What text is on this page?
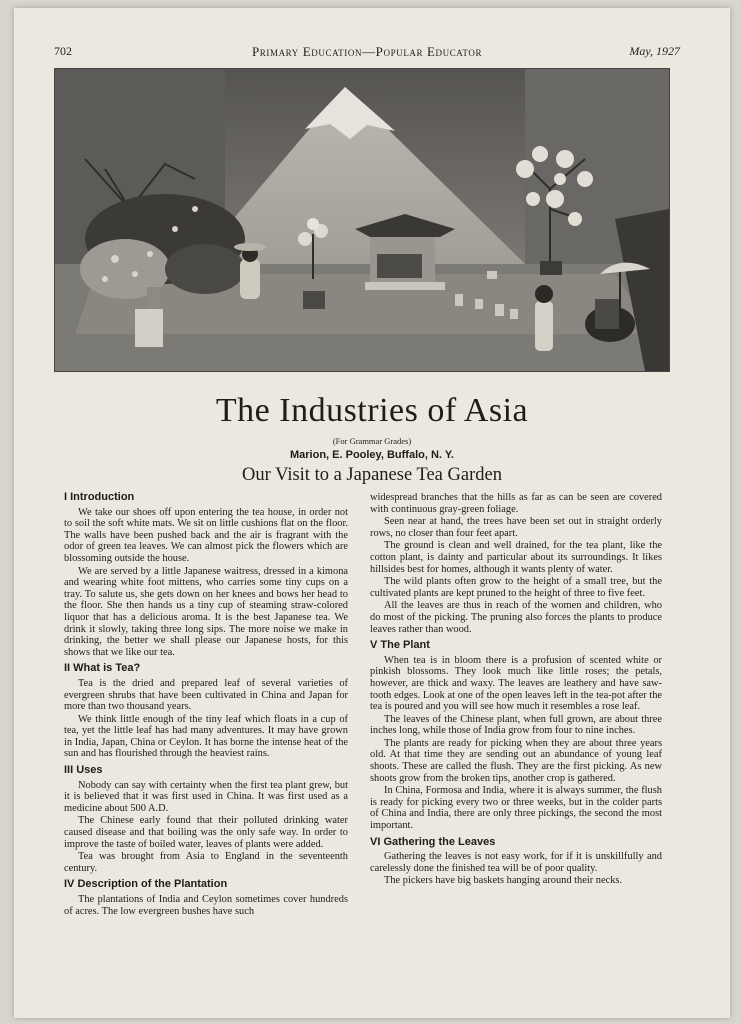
702	Primary Education—Popular Educator	May, 1927
The Industries of Asia
(For Grammar Grades)
Marion, E. Pooley, Buffalo, N. Y.
Our Visit to a Japanese Tea Garden
I Introduction

We take our shoes off upon entering the tea house, in order not to soil the soft white mats. We sit on little cushions flat on the floor. The walls have been pushed back and the air is fragrant with the odor of green tea leaves. We can almost pick the flowers which are blossoming outside the house.

We are served by a little Japanese waitress, dressed in a kimona and wearing white foot mittens, who carries some tiny cups on a tray. To salute us, she gets down on her knees and bows her head to the floor. She then hands us a tiny cup of steaming straw-colored liquor that has a delicious aroma. It is the best Japanese tea. We drink it slowly, taking three long sips. The more noise we make in drinking, the better we shall please our Japanese hosts, for this shows that we like our tea.

II What is Tea?

Tea is the dried and prepared leaf of several varieties of evergreen shrubs that have been cultivated in China and Japan for more than two thousand years.

We think little enough of the tiny leaf which floats in a cup of tea, yet the little leaf has had many adventures. It may have grown in India, Japan, China or Ceylon. It has borne the intense heat of the sun and has flourished through the heaviest rains.

III Uses

Nobody can say with certainty when the first tea plant grew, but it is believed that it was first used in China. It was first used as a medicine about 500 A.D.

The Chinese early found that their polluted drinking water caused disease and that boiling was the only safe way. In order to improve the taste of boiled water, leaves of plants were added.

Tea was brought from Asia to England in the seventeenth century.

IV Description of the Plantation

The plantations of India and Ceylon sometimes cover hundreds of acres. The low evergreen bushes have such

widespread branches that the hills as far as can be seen are covered with continuous gray-green foliage.

Seen near at hand, the trees have been set out in straight orderly rows, no closer than four feet apart.

The ground is clean and well drained, for the tea plant, like the cotton plant, is dainty and particular about its surroundings. It likes hillsides best for homes, although it wants plenty of water.

The wild plants often grow to the height of a small tree, but the cultivated plants are kept pruned to the height of three to five feet.

All the leaves are thus in reach of the women and children, who do most of the picking. The pruning also forces the plants to produce leaves rather than wood.

V The Plant

When tea is in bloom there is a profusion of scented white or pinkish blossoms. They look much like little roses; the petals, however, are thick and waxy. The leaves are leathery and have saw-tooth edges. Look at one of the open leaves left in the tea-pot after the tea is poured and you will see how much it resembles a rose leaf.

The leaves of the Chinese plant, when full grown, are about three inches long, while those of India grow from four to nine inches.

The plants are ready for picking when they are about three years old. At that time they are sending out an abundance of young leaf shoots. These are called the flush. They are the first picking. As new shoots grow from the broken tips, another crop is gathered.

In China, Formosa and India, where it is always summer, the flush is ready for picking every two or three weeks, but in the colder parts of China and India, there are only three pickings, the second the most important.

VI Gathering the Leaves

Gathering the leaves is not easy work, for if it is unskillfully and carelessly done the finished tea will be of poor quality.

The pickers have big baskets hanging around their necks.
